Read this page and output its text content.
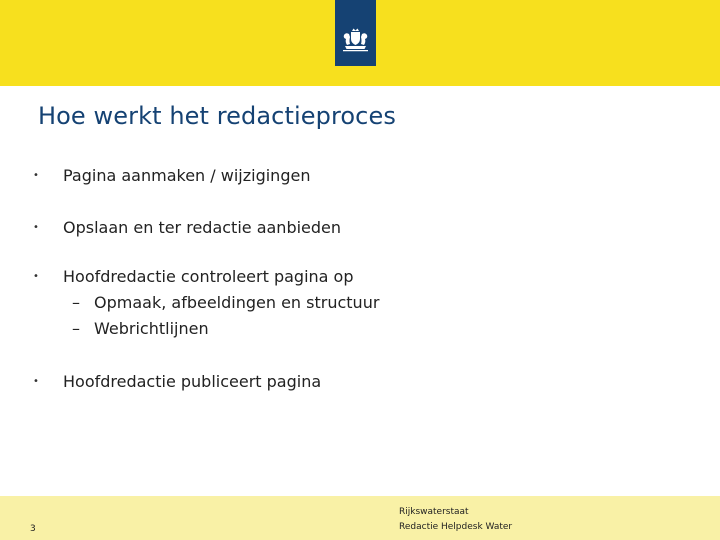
Hoe werkt het redactieproces
• Pagina aanmaken / wijzigingen
• Opslaan en ter redactie aanbieden
• Hoofdredactie controleert pagina op
– Opmaak, afbeeldingen en structuur
– Webrichtlijnen
• Hoofdredactie publiceert pagina
3
Rijkswaterstaat
Redactie Helpdesk Water
